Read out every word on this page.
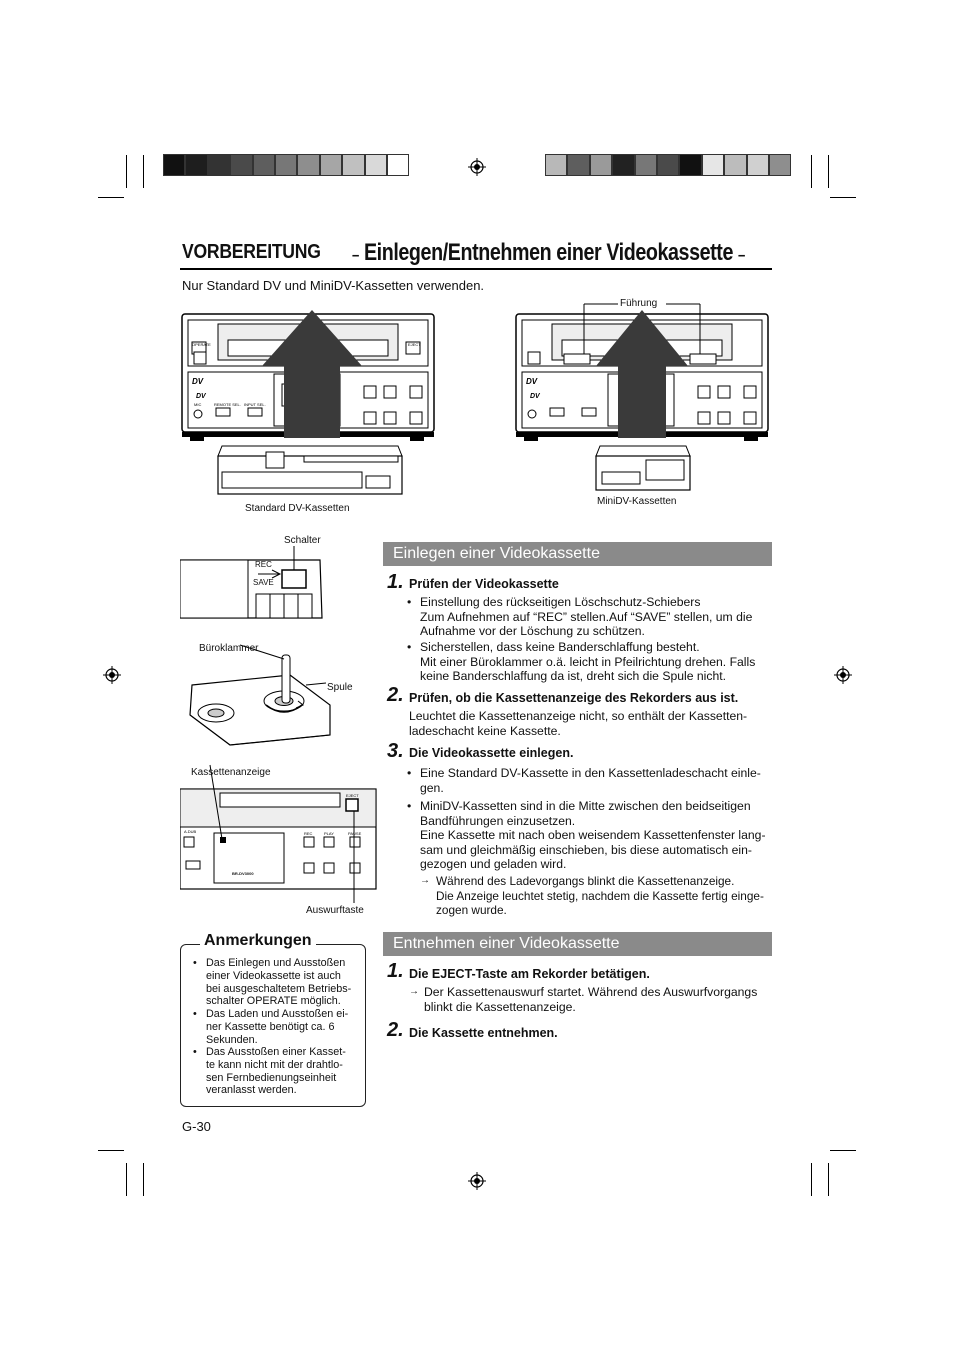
VORBEREITUNG – Einlegen/Entnehmen einer Videokassette –
Nur Standard DV und MiniDV-Kassetten verwenden.
OPERATE	EJECT
DV
DV
MIC	REMOTE SEL. INPUT SEL.
DV
DV
Führung
Standard DV-Kassetten
MiniDV-Kassetten
A.DUB
EJECT
REC	PLAY	PAUSE
Schalter
REC
SAVE
Büroklammer
Spule
Kassettenanzeige
BR-DV3000
Auswurftaste
Einlegen einer Videokassette
1. Prüfen der Videokassette
• Einstellung des rückseitigen Löschschutz-Schiebers
Zum Aufnehmen auf “REC” stellen.Auf “SAVE” stellen, um die
Aufnahme vor der Löschung zu schützen.
• Sicherstellen, dass keine Banderschlaffung besteht.
Mit einer Büroklammer o.ä. leicht in Pfeilrichtung drehen. Falls
keine Banderschlaffung da ist, dreht sich die Spule nicht.
2. Prüfen, ob die Kassettenanzeige des Rekorders aus ist.
Leuchtet die Kassettenanzeige nicht, so enthält der Kassetten-
ladeschacht keine Kassette.
3. Die Videokassette einlegen.
• Eine Standard DV-Kassette in den Kassettenladeschacht einle-
gen.
• MiniDV-Kassetten sind in die Mitte zwischen den beidseitigen
Bandführungen einzusetzen.
Eine Kassette mit nach oben weisendem Kassettenfenster lang-
sam und gleichmäßig einschieben, bis diese automatisch ein-
gezogen und geladen wird.
→ Während des Ladevorgangs blinkt die Kassettenanzeige.
Die Anzeige leuchtet stetig, nachdem die Kassette fertig einge-
zogen wurde.
Entnehmen einer Videokassette
1. Die EJECT-Taste am Rekorder betätigen.
→ Der Kassettenauswurf startet. Während des Auswurfvorgangs
blinkt die Kassettenanzeige.
2. Die Kassette entnehmen.
Anmerkungen
• Das Einlegen und Ausstoßen
einer Videokassette ist auch
bei ausgeschaltetem Betriebs-
schalter OPERATE möglich.
• Das Laden und Ausstoßen ei-
ner Kassette benötigt ca. 6
Sekunden.
• Das Ausstoßen einer Kasset-
te kann nicht mit der drahtlo-
sen Fernbedienungseinheit
veranlasst werden.
G-30
